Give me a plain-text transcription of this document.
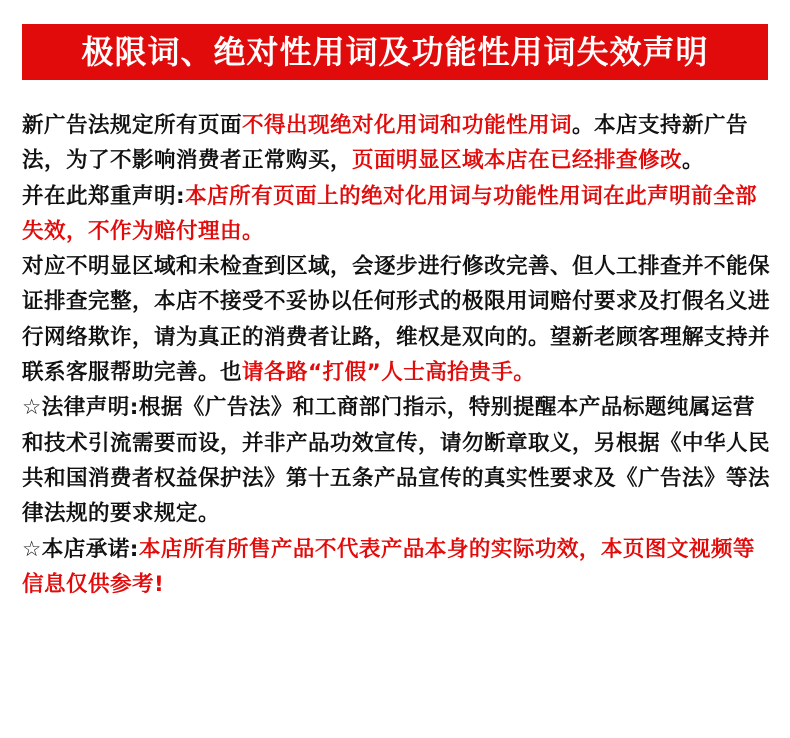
极限词、绝对性用词及功能性用词失效声明

新广告法规定所有页面不得出现绝对化用词和功能性用词。本店支持新广告法，为了不影响消费者正常购买，页面明显区域本店在已经排查修改。

并在此郑重声明:本店所有页面上的绝对化用词与功能性用词在此声明前全部失效，不作为赔付理由。

对应不明显区域和未检查到区域，会逐步进行修改完善、但人工排查并不能保证排查完整，本店不接受不妥协以任何形式的极限用词赔付要求及打假名义进行网络欺诈，请为真正的消费者让路，维权是双向的。望新老顾客理解支持并联系客服帮助完善。也请各路“打假”人士高抬贵手。

☆法律声明:根据《广告法》和工商部门指示，特别提醒本产品标题纯属运营和技术引流需要而设，并非产品功效宣传，请勿断章取义，另根据《中华人民共和国消费者权益保护法》第十五条产品宣传的真实性要求及《广告法》等法律法规的要求规定。

☆本店承诺:本店所有所售产品不代表产品本身的实际功效，本页图文视频等信息仅供参考!
